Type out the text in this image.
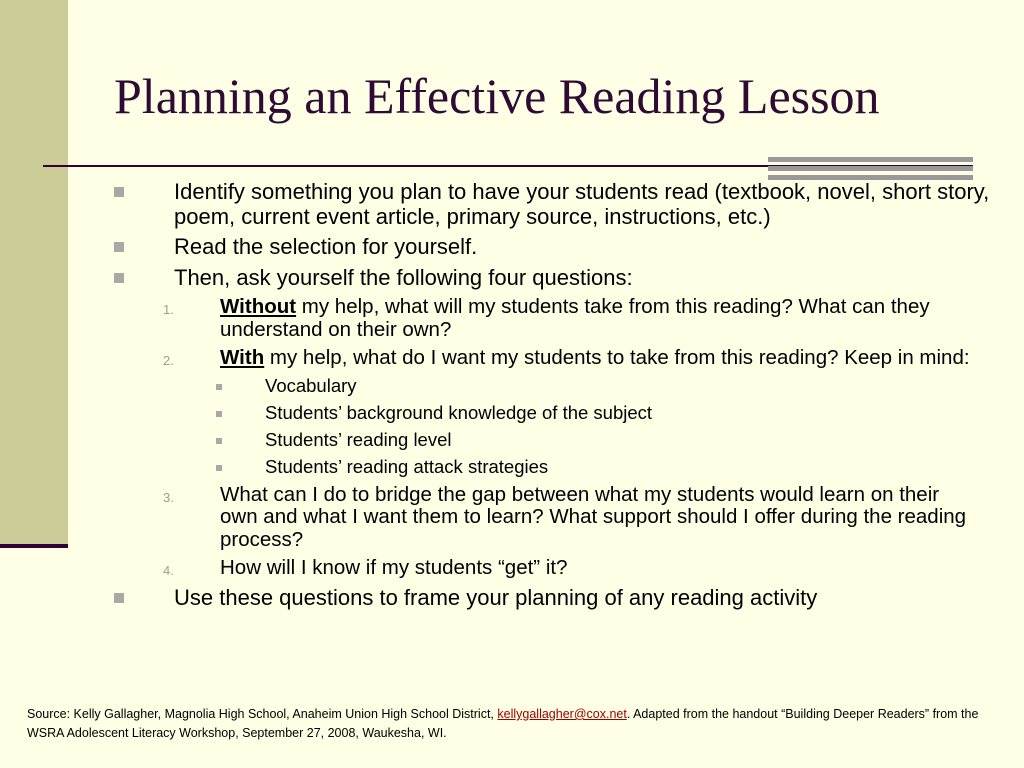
Planning an Effective Reading Lesson
Identify something you plan to have your students read (textbook, novel, short story, poem, current event article, primary source, instructions, etc.)
Read the selection for yourself.
Then, ask yourself the following four questions:
1. Without my help, what will my students take from this reading? What can they understand on their own?
2. With my help, what do I want my students to take from this reading? Keep in mind:
Vocabulary
Students’ background knowledge of the subject
Students’ reading level
Students’ reading attack strategies
3. What can I do to bridge the gap between what my students would learn on their own and what I want them to learn? What support should I offer during the reading process?
4. How will I know if my students “get” it?
Use these questions to frame your planning of any reading activity
Source: Kelly Gallagher, Magnolia High School, Anaheim Union High School District, kellygallagher@cox.net. Adapted from the handout “Building Deeper Readers” from the WSRA Adolescent Literacy Workshop, September 27, 2008, Waukesha, WI.
